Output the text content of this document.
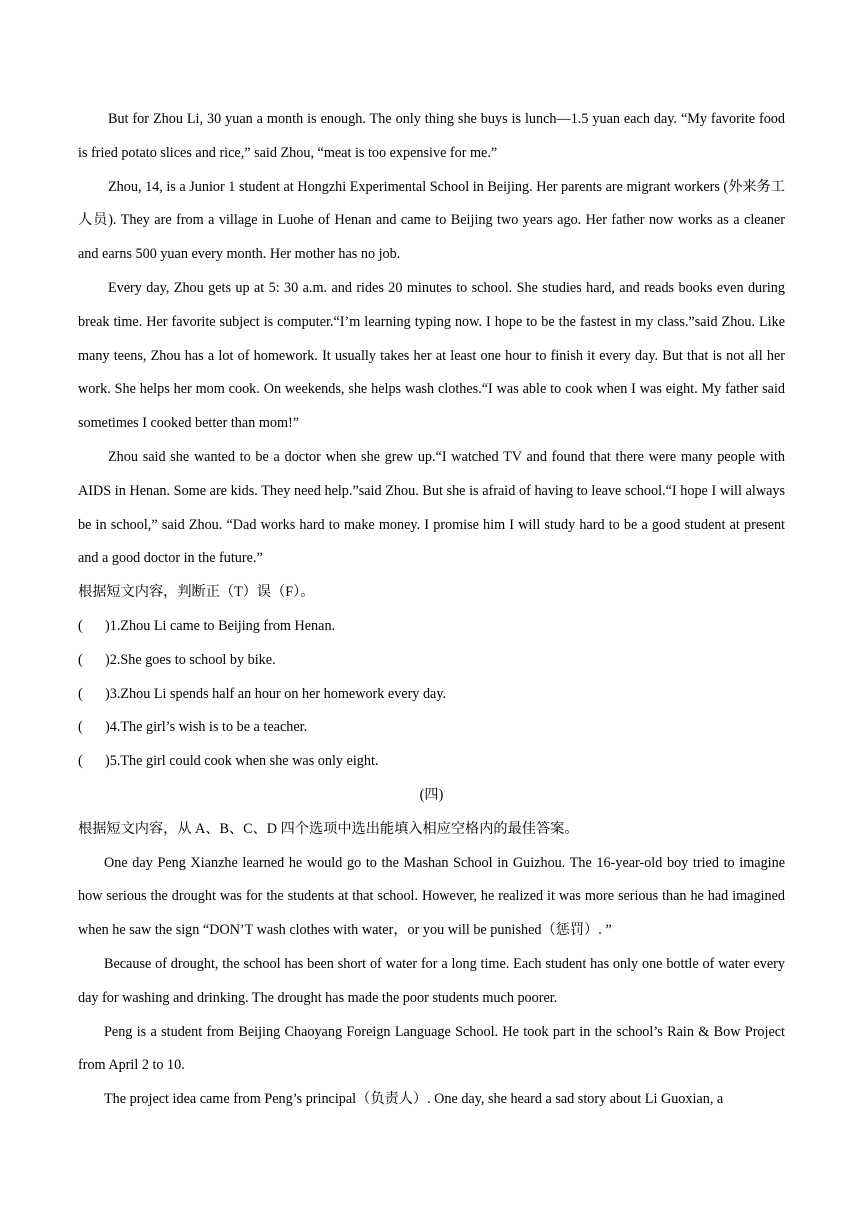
But for Zhou Li, 30 yuan a month is enough. The only thing she buys is lunch—1.5 yuan each day. “My favorite food is fried potato slices and rice,” said Zhou, “meat is too expensive for me.”

Zhou, 14, is a Junior 1 student at Hongzhi Experimental School in Beijing. Her parents are migrant workers (外来务工人员). They are from a village in Luohe of Henan and came to Beijing two years ago. Her father now works as a cleaner and earns 500 yuan every month. Her mother has no job.

Every day, Zhou gets up at 5: 30 a.m. and rides 20 minutes to school. She studies hard, and reads books even during break time. Her favorite subject is computer.“I’m learning typing now. I hope to be the fastest in my class.”said Zhou. Like many teens, Zhou has a lot of homework. It usually takes her at least one hour to finish it every day. But that is not all her work. She helps her mom cook. On weekends, she helps wash clothes.“I was able to cook when I was eight. My father said sometimes I cooked better than mom!”

Zhou said she wanted to be a doctor when she grew up.“I watched TV and found that there were many people with AIDS in Henan. Some are kids. They need help.”said Zhou. But she is afraid of having to leave school.“I hope I will always be in school,” said Zhou. “Dad works hard to make money. I promise him I will study hard to be a good student at present and a good doctor in the future.”

根据短文内容，判断正（T）误（F）。

(	)1.Zhou Li came to Beijing from Henan.

(	)2.She goes to school by bike.

(	)3.Zhou Li spends half an hour on her homework every day.

(	)4.The girl’s wish is to be a teacher.

(	)5.The girl could cook when she was only eight.

(四)

根据短文内容，从 A、B、C、D 四个选项中选出能填入相应空格内的最佳答案。

One day Peng Xianzhe learned he would go to the Mashan School in Guizhou. The 16-year-old boy tried to imagine how serious the drought was for the students at that school. However, he realized it was more serious than he had imagined when he saw the sign “DON’T wash clothes with water，or you will be punished（惩罚）. ”

Because of drought, the school has been short of water for a long time. Each student has only one bottle of water every day for washing and drinking. The drought has made the poor students much poorer.

Peng is a student from Beijing Chaoyang Foreign Language School. He took part in the school’s Rain & Bow Project from April 2 to 10.

The project idea came from Peng’s principal（负责人）. One day, she heard a sad story about Li Guoxian, a
